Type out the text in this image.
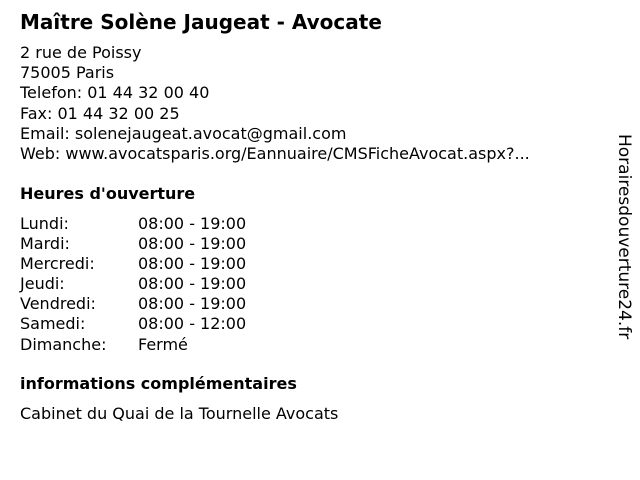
Maître Solène Jaugeat - Avocate
2 rue de Poissy
75005 Paris
Telefon: 01 44 32 00 40
Fax: 01 44 32 00 25
Email: solenejaugeat.avocat@gmail.com
Web: www.avocatsparis.org/Eannuaire/CMSFicheAvocat.aspx?...
Heures d'ouverture
Lundi:	08:00 - 19:00
Mardi:	08:00 - 19:00
Mercredi:	08:00 - 19:00
Jeudi:	08:00 - 19:00
Vendredi:	08:00 - 19:00
Samedi:	08:00 - 12:00
Dimanche: Fermé
informations complémentaires
Cabinet du Quai de la Tournelle Avocats
Horairesdouverture24.fr
